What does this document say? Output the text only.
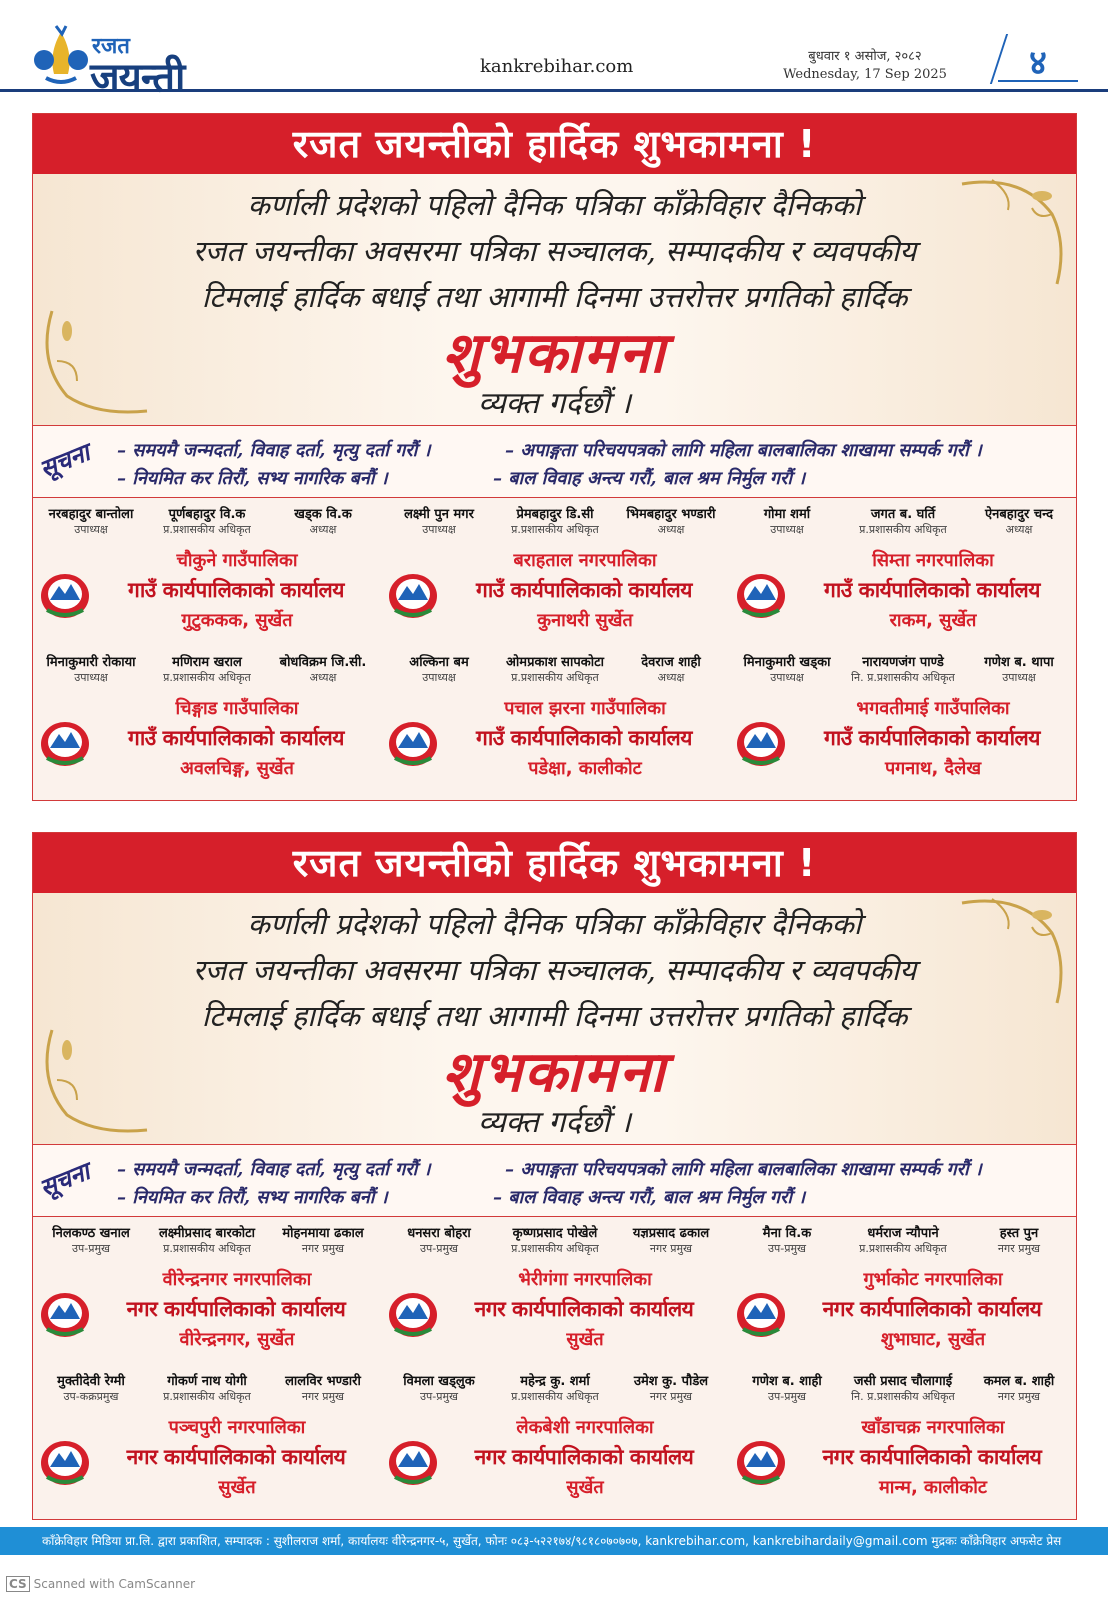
रजत
जयन्ती	kankrebihar.com	बुधवार १ असोज, २०८२
Wednesday, 17 Sep 2025	४
रजत जयन्तीको हार्दिक शुभकामना !
कर्णाली प्रदेशको पहिलो दैनिक पत्रिका काँक्रेविहार दैनिकको
रजत जयन्तीका अवसरमा पत्रिका सञ्चालक, सम्पादकीय र व्यवपकीय
टिमलाई हार्दिक बधाई तथा आगामी दिनमा उत्तरोत्तर प्रगतिको हार्दिक
शुभकामना
व्यक्त गर्दछौं ।
सूचना – समयमै जन्मदर्ता, विवाह दर्ता, मृत्यु दर्ता गरौं ।	– अपाङ्गता परिचयपत्रको लागि महिला बालबालिका शाखामा सम्पर्क गरौं ।
– नियमित कर तिरौं, सभ्य नागरिक बनौं ।	– बाल विवाह अन्त्य गरौं, बाल श्रम निर्मुल गरौं ।
नरबहादुर बान्तोला
उपाध्यक्ष
पूर्णबहादुर वि.क
प्र.प्रशासकीय अधिकृत
खड्क वि.क
अध्यक्ष
चौकुने गाउँपालिका
गाउँ कार्यपालिकाको कार्यालय
गुटुककक, सुर्खेत
लक्ष्मी पुन मगर
उपाध्यक्ष
प्रेमबहादुर डि.सी
प्र.प्रशासकीय अधिकृत
भिमबहादुर भण्डारी
अध्यक्ष
बराहताल नगरपालिका
गाउँ कार्यपालिकाको कार्यालय
कुनाथरी सुर्खेत
गोमा शर्मा
उपाध्यक्ष
जगत ब. घर्ति
प्र.प्रशासकीय अधिकृत
ऐनबहादुर चन्द
अध्यक्ष
सिम्ता नगरपालिका
गाउँ कार्यपालिकाको कार्यालय
राकम, सुर्खेत
मिनाकुमारी रोकाया
उपाध्यक्ष
मणिराम खराल
प्र.प्रशासकीय अधिकृत
बोधविक्रम जि.सी.
अध्यक्ष
चिङ्गाड गाउँपालिका
गाउँ कार्यपालिकाको कार्यालय
अवलचिङ्ग, सुर्खेत
अल्किना बम
उपाध्यक्ष
ओमप्रकाश सापकोटा
प्र.प्रशासकीय अधिकृत
देवराज शाही
अध्यक्ष
पचाल झरना गाउँपालिका
गाउँ कार्यपालिकाको कार्यालय
पडेक्षा, कालीकोट
मिनाकुमारी खड्का
उपाध्यक्ष
नारायणजंग पाण्डे
नि. प्र.प्रशासकीय अधिकृत
गणेश ब. थापा
उपाध्यक्ष
भगवतीमाई गाउँपालिका
गाउँ कार्यपालिकाको कार्यालय
पगनाथ, दैलेख
रजत जयन्तीको हार्दिक शुभकामना !
कर्णाली प्रदेशको पहिलो दैनिक पत्रिका काँक्रेविहार दैनिकको
रजत जयन्तीका अवसरमा पत्रिका सञ्चालक, सम्पादकीय र व्यवपकीय
टिमलाई हार्दिक बधाई तथा आगामी दिनमा उत्तरोत्तर प्रगतिको हार्दिक
शुभकामना
व्यक्त गर्दछौं ।
सूचना – समयमै जन्मदर्ता, विवाह दर्ता, मृत्यु दर्ता गरौं ।	– अपाङ्गता परिचयपत्रको लागि महिला बालबालिका शाखामा सम्पर्क गरौं ।
– नियमित कर तिरौं, सभ्य नागरिक बनौं ।	– बाल विवाह अन्त्य गरौं, बाल श्रम निर्मुल गरौं ।
निलकण्ठ खनाल
उप-प्रमुख
लक्ष्मीप्रसाद बारकोटा
प्र.प्रशासकीय अधिकृत
मोहनमाया ढकाल
नगर प्रमुख
वीरेन्द्रनगर नगरपालिका
नगर कार्यपालिकाको कार्यालय
वीरेन्द्रनगर, सुर्खेत
धनसरा बोहरा
उप-प्रमुख
कृष्णप्रसाद पोखेले
प्र.प्रशासकीय अधिकृत
यज्ञप्रसाद ढकाल
नगर प्रमुख
भेरीगंगा नगरपालिका
नगर कार्यपालिकाको कार्यालय
सुर्खेत
मैना वि.क
उप-प्रमुख
धर्मराज न्यौपाने
प्र.प्रशासकीय अधिकृत
हस्त पुन
नगर प्रमुख
गुर्भाकोट नगरपालिका
नगर कार्यपालिकाको कार्यालय
शुभाघाट, सुर्खेत
मुक्तीदेवी रेग्मी
उप-कक्रप्रमुख
गोकर्ण नाथ योगी
प्र.प्रशासकीय अधिकृत
लालविर भण्डारी
नगर प्रमुख
पञ्चपुरी नगरपालिका
नगर कार्यपालिकाको कार्यालय
सुर्खेत
विमला खड्लुक
उप-प्रमुख
महेन्द्र कु. शर्मा
प्र.प्रशासकीय अधिकृत
उमेश कु. पौडेल
नगर प्रमुख
लेकबेशी नगरपालिका
नगर कार्यपालिकाको कार्यालय
सुर्खेत
गणेश ब. शाही
उप-प्रमुख
जसी प्रसाद चौलागाई
नि. प्र.प्रशासकीय अधिकृत
कमल ब. शाही
नगर प्रमुख
खाँडाचक्र नगरपालिका
नगर कार्यपालिकाको कार्यालय
मान्म, कालीकोट
काँक्रेविहार मिडिया प्रा.लि. द्वारा प्रकाशित, सम्पादक : सुशीलराज शर्मा, कार्यालयः वीरेन्द्रनगर-५, सुर्खेत, फोनः ०८३-५२२१७४/९८१८०७०७०७, kankrebihar.com, kankrebihardaily@gmail.com मुद्रकः काँक्रेविहार अफसेट प्रेस
CS Scanned with CamScanner
